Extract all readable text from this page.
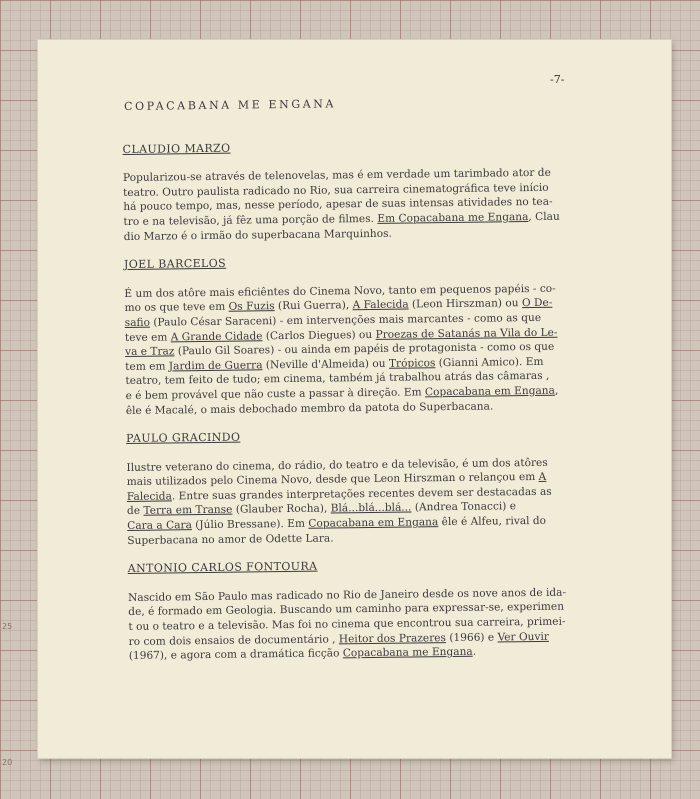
25
20
-7-
COPACABANA ME ENGANA
CLAUDIO MARZO
Popularizou-se através de telenovelas, mas é em verdade um tarimbado ator de
teatro. Outro paulista radicado no Rio, sua carreira cinematográfica teve início
há pouco tempo, mas, nesse período, apesar de suas intensas atividades no tea-
tro e na televisão, já fêz uma porção de filmes. Em Copacabana me Engana, Clau
dio Marzo é o irmão do superbacana Marquinhos.
JOEL BARCELOS
É um dos atôre mais eficiêntes do Cinema Novo, tanto em pequenos papéis - co-
mo os que teve em Os Fuzis (Rui Guerra), A Falecida (Leon Hirszman) ou O De-
safio (Paulo César Saraceni) - em intervenções mais marcantes - como as que
teve em A Grande Cidade (Carlos Diegues) ou Proezas de Satanás na Vila do Le-
va e Traz (Paulo Gil Soares) - ou ainda em papéis de protagonista - como os que
tem em Jardim de Guerra (Neville d'Almeida) ou Trópicos (Gianni Amico). Em
teatro, tem feito de tudo; em cinema, também já trabalhou atrás das câmaras ,
e é bem provável que não custe a passar à direção. Em Copacabana em Engana,
êle é Macalé, o mais debochado membro da patota do Superbacana.
PAULO GRACINDO
Ilustre veterano do cinema, do rádio, do teatro e da televisão, é um dos atôres
mais utilizados pelo Cinema Novo, desde que Leon Hirszman o relançou em A
Falecida. Entre suas grandes interpretações recentes devem ser destacadas as
de Terra em Transe (Glauber Rocha), Blá...blá...blá... (Andrea Tonacci) e
Cara a Cara (Júlio Bressane). Em Copacabana em Engana êle é Alfeu, rival do
Superbacana no amor de Odette Lara.
ANTONIO CARLOS FONTOURA
Nascido em São Paulo mas radicado no Rio de Janeiro desde os nove anos de ida-
de, é formado em Geologia. Buscando um caminho para expressar-se, experimen
t ou o teatro e a televisão. Mas foi no cinema que encontrou sua carreira, primei-
ro com dois ensaios de documentário , Heitor dos Prazeres (1966) e Ver Ouvir
(1967), e agora com a dramática ficção Copacabana me Engana.
